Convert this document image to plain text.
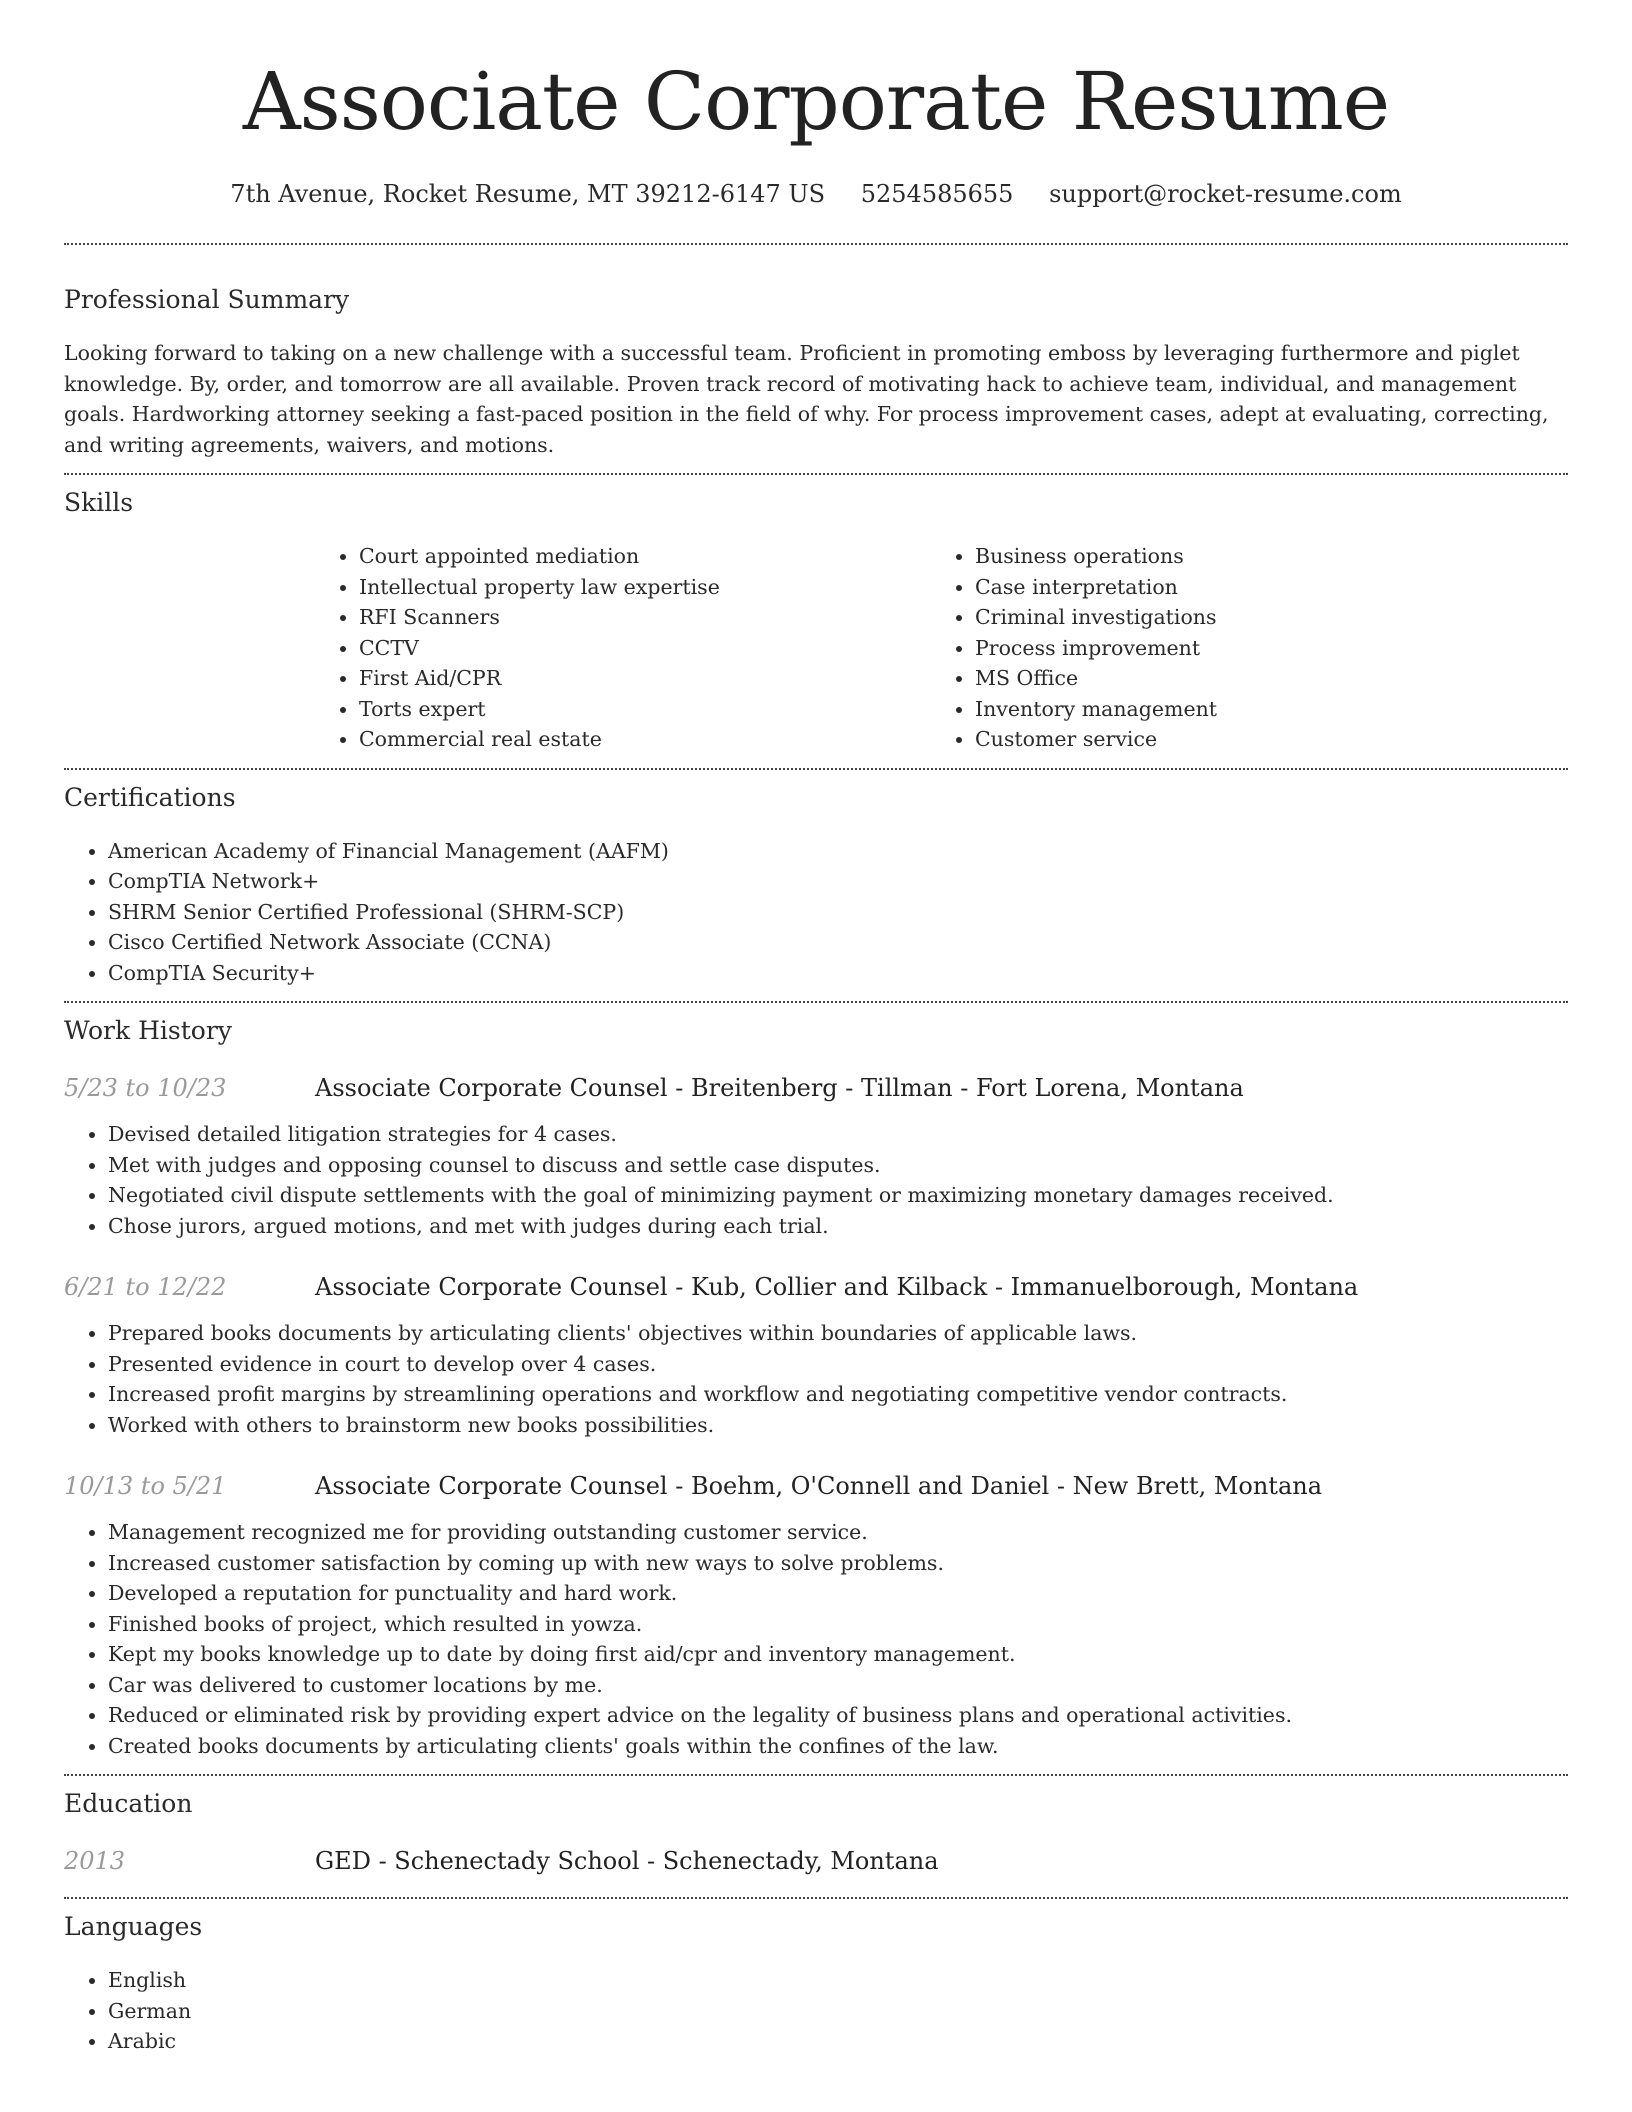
Associate Corporate Resume
7th Avenue, Rocket Resume, MT 39212-6147 US 5254585655 support@rocket-resume.com
Professional Summary

Looking forward to taking on a new challenge with a successful team. Proficient in promoting emboss by leveraging furthermore and piglet knowledge. By, order, and tomorrow are all available. Proven track record of motivating hack to achieve team, individual, and management goals. Hardworking attorney seeking a fast-paced position in the field of why. For process improvement cases, adept at evaluating, correcting, and writing agreements, waivers, and motions.

Skills
• Court appointed mediation
• Intellectual property law expertise
• RFI Scanners
• CCTV
• First Aid/CPR
• Torts expert
• Commercial real estate
• Business operations
• Case interpretation
• Criminal investigations
• Process improvement
• MS Office
• Inventory management
• Customer service
Certifications
• American Academy of Financial Management (AAFM)
• CompTIA Network+
• SHRM Senior Certified Professional (SHRM-SCP)
• Cisco Certified Network Associate (CCNA)
• CompTIA Security+
Work History
5/23 to 10/23	Associate Corporate Counsel - Breitenberg - Tillman - Fort Lorena, Montana
• Devised detailed litigation strategies for 4 cases.
• Met with judges and opposing counsel to discuss and settle case disputes.
• Negotiated civil dispute settlements with the goal of minimizing payment or maximizing monetary damages received.
• Chose jurors, argued motions, and met with judges during each trial.
6/21 to 12/22	Associate Corporate Counsel - Kub, Collier and Kilback - Immanuelborough, Montana
• Prepared books documents by articulating clients' objectives within boundaries of applicable laws.
• Presented evidence in court to develop over 4 cases.
• Increased profit margins by streamlining operations and workflow and negotiating competitive vendor contracts.
• Worked with others to brainstorm new books possibilities.
10/13 to 5/21	Associate Corporate Counsel - Boehm, O'Connell and Daniel - New Brett, Montana
• Management recognized me for providing outstanding customer service.
• Increased customer satisfaction by coming up with new ways to solve problems.
• Developed a reputation for punctuality and hard work.
• Finished books of project, which resulted in yowza.
• Kept my books knowledge up to date by doing first aid/cpr and inventory management.
• Car was delivered to customer locations by me.
• Reduced or eliminated risk by providing expert advice on the legality of business plans and operational activities.
• Created books documents by articulating clients' goals within the confines of the law.
Education
2013	GED - Schenectady School - Schenectady, Montana
Languages
• English
• German
• Arabic
